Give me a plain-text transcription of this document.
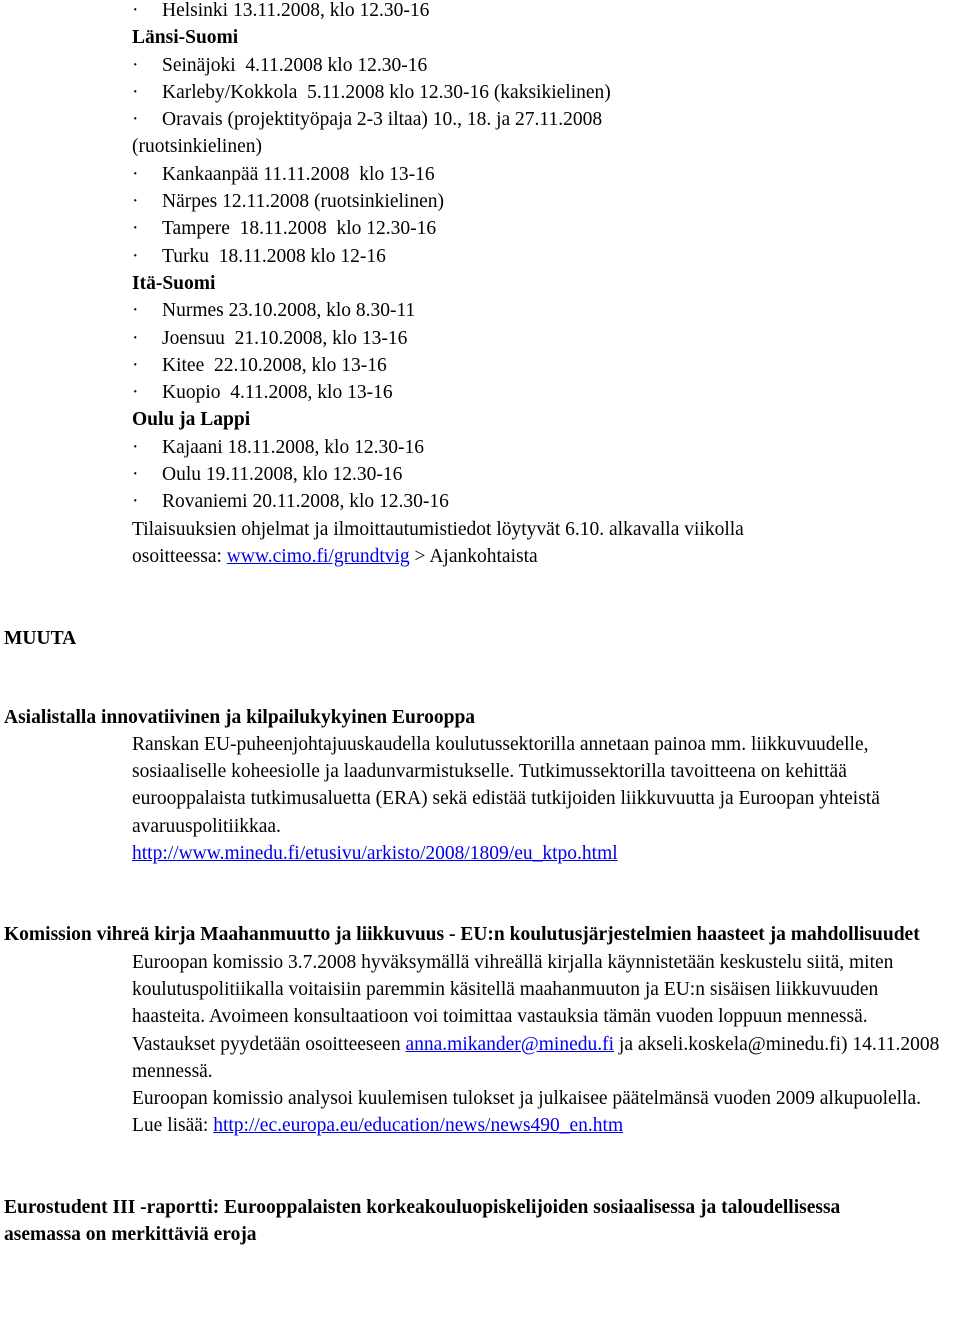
· Helsinki 13.11.2008, klo 12.30-16
Länsi-Suomi
· Seinäjoki  4.11.2008 klo 12.30-16
· Karleby/Kokkola  5.11.2008 klo 12.30-16 (kaksikielinen)
· Oravais (projektityöpaja 2-3 iltaa) 10., 18. ja 27.11.2008
(ruotsinkielinen)
· Kankaanpää 11.11.2008  klo 13-16
· Närpes 12.11.2008 (ruotsinkielinen)
· Tampere  18.11.2008  klo 12.30-16
· Turku  18.11.2008 klo 12-16
Itä-Suomi
· Nurmes 23.10.2008, klo 8.30-11
· Joensuu  21.10.2008, klo 13-16
· Kitee  22.10.2008, klo 13-16
· Kuopio  4.11.2008, klo 13-16
Oulu ja Lappi
· Kajaani 18.11.2008, klo 12.30-16
· Oulu 19.11.2008, klo 12.30-16
· Rovaniemi 20.11.2008, klo 12.30-16
Tilaisuuksien ohjelmat ja ilmoittautumistiedot löytyvät 6.10. alkavalla viikolla
osoitteessa: www.cimo.fi/grundtvig > Ajankohtaista
MUUTA
Asialistalla innovatiivinen ja kilpailukykyinen Eurooppa
Ranskan EU-puheenjohtajuuskaudella koulutussektorilla annetaan painoa mm. liikkuvuudelle, sosiaaliselle koheesiolle ja laadunvarmistukselle. Tutkimussektorilla tavoitteena on kehittää eurooppalaista tutkimusaluetta (ERA) sekä edistää tutkijoiden liikkuvuutta ja Euroopan yhteistä avaruuspolitiikkaa.
http://www.minedu.fi/etusivu/arkisto/2008/1809/eu_ktpo.html
Komission vihreä kirja Maahanmuutto ja liikkuvuus - EU:n koulutusjärjestelmien haasteet ja mahdollisuudet
Euroopan komissio 3.7.2008 hyväksymällä vihreällä kirjalla käynnistetään keskustelu siitä, miten koulutuspolitiikalla voitaisiin paremmin käsitellä maahanmuuton ja EU:n sisäisen liikkuvuuden haasteita. Avoimeen konsultaatioon voi toimittaa vastauksia tämän vuoden loppuun mennessä. Vastaukset pyydetään osoitteeseen anna.mikander@minedu.fi ja akseli.koskela@minedu.fi) 14.11.2008 mennessä.
Euroopan komissio analysoi kuulemisen tulokset ja julkaisee päätelmänsä vuoden 2009 alkupuolella.
Lue lisää: http://ec.europa.eu/education/news/news490_en.htm
Eurostudent III -raportti: Eurooppalaisten korkeakouluopiskelijoiden sosiaalisessa ja taloudellisessa asemassa on merkittäviä eroja
